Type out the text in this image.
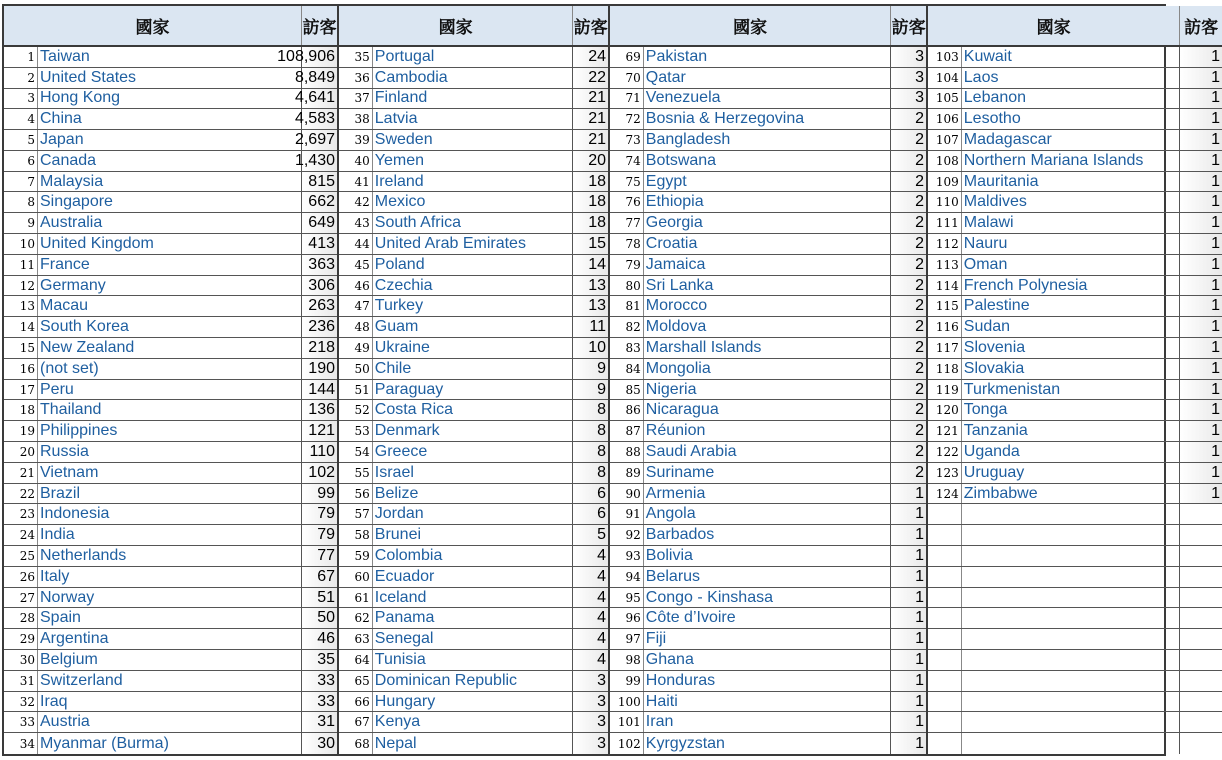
國家	訪客
1 Taiwan	108,906
2 United States	8,849
3 Hong Kong	4,641
4 China	4,583
5 Japan	2,697
6 Canada	1,430
7 Malaysia	815
8 Singapore	662
9 Australia	649
10 United Kingdom	413
11 France	363
12 Germany	306
13 Macau	263
14 South Korea	236
15 New Zealand	218
16 (not set)	190
17 Peru	144
18 Thailand	136
19 Philippines	121
20 Russia	110
21 Vietnam	102
22 Brazil	99
23 Indonesia	79
24 India	79
25 Netherlands	77
26 Italy	67
27 Norway	51
28 Spain	50
29 Argentina	46
30 Belgium	35
31 Switzerland	33
32 Iraq	33
33 Austria	31
34 Myanmar (Burma)	30
國家	訪客
35 Portugal	24
36 Cambodia	22
37 Finland	21
38 Latvia	21
39 Sweden	21
40 Yemen	20
41 Ireland	18
42 Mexico	18
43 South Africa	18
44 United Arab Emirates	15
45 Poland	14
46 Czechia	13
47 Turkey	13
48 Guam	11
49 Ukraine	10
50 Chile	9
51 Paraguay	9
52 Costa Rica	8
53 Denmark	8
54 Greece	8
55 Israel	8
56 Belize	6
57 Jordan	6
58 Brunei	5
59 Colombia	4
60 Ecuador	4
61 Iceland	4
62 Panama	4
63 Senegal	4
64 Tunisia	4
65 Dominican Republic	3
66 Hungary	3
67 Kenya	3
68 Nepal	3
國家	訪客
69 Pakistan	3
70 Qatar	3
71 Venezuela	3
72 Bosnia & Herzegovina	2
73 Bangladesh	2
74 Botswana	2
75 Egypt	2
76 Ethiopia	2
77 Georgia	2
78 Croatia	2
79 Jamaica	2
80 Sri Lanka	2
81 Morocco	2
82 Moldova	2
83 Marshall Islands	2
84 Mongolia	2
85 Nigeria	2
86 Nicaragua	2
87 Réunion	2
88 Saudi Arabia	2
89 Suriname	2
90 Armenia	1
91 Angola	1
92 Barbados	1
93 Bolivia	1
94 Belarus	1
95 Congo - Kinshasa	1
96 Côte d’Ivoire	1
97 Fiji	1
98 Ghana	1
99 Honduras	1
100 Haiti	1
101 Iran	1
102 Kyrgyzstan	1
國家	訪客
103 Kuwait	1
104 Laos	1
105 Lebanon	1
106 Lesotho	1
107 Madagascar	1
108 Northern Mariana Islands	1
109 Mauritania	1
110 Maldives	1
111 Malawi	1
112 Nauru	1
113 Oman	1
114 French Polynesia	1
115 Palestine	1
116 Sudan	1
117 Slovenia	1
118 Slovakia	1
119 Turkmenistan	1
120 Tonga	1
121 Tanzania	1
122 Uganda	1
123 Uruguay	1
124 Zimbabwe	1
